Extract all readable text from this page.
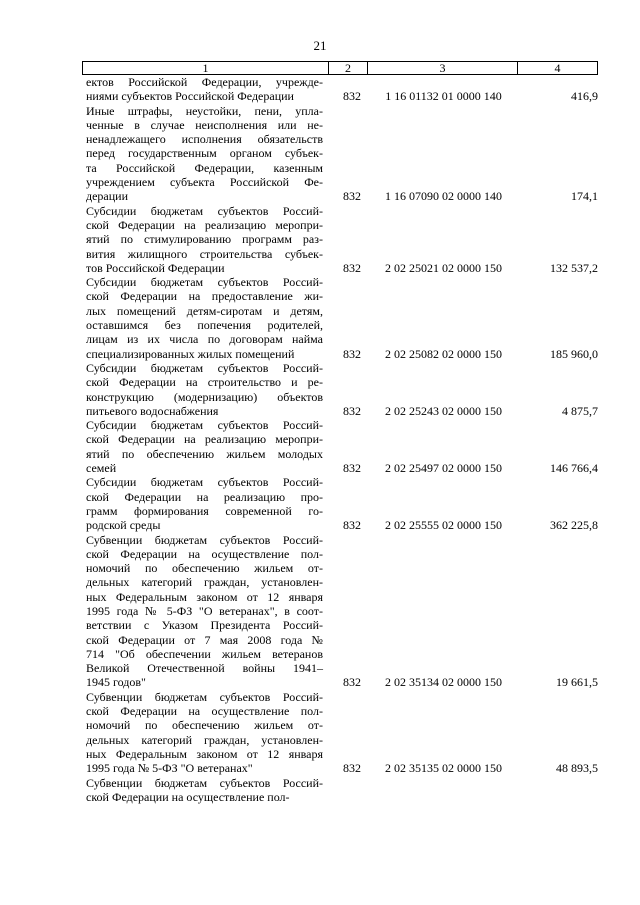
21
1	2	3	4
ектов Российской Федерации, учрежде-
ниями субъектов Российской Федерации	832	1 16 01132 01 0000 140	416,9
Иные штрафы, неустойки, пени, упла-
ченные в случае неисполнения или не-
ненадлежащего исполнения обязательств
перед государственным органом субъек-
та Российской Федерации, казенным
учреждением субъекта Российской Фе-
дерации	832	1 16 07090 02 0000 140	174,1
Субсидии бюджетам субъектов Россий-
ской Федерации на реализацию меропри-
ятий по стимулированию программ раз-
вития жилищного строительства субъек-
тов Российской Федерации	832	2 02 25021 02 0000 150	132 537,2
Субсидии бюджетам субъектов Россий-
ской Федерации на предоставление жи-
лых помещений детям-сиротам и детям,
оставшимся без попечения родителей,
лицам из их числа по договорам найма
специализированных жилых помещений	832	2 02 25082 02 0000 150	185 960,0
Субсидии бюджетам субъектов Россий-
ской Федерации на строительство и ре-
конструкцию (модернизацию) объектов
питьевого водоснабжения	832	2 02 25243 02 0000 150	4 875,7
Субсидии бюджетам субъектов Россий-
ской Федерации на реализацию меропри-
ятий по обеспечению жильем молодых
семей	832	2 02 25497 02 0000 150	146 766,4
Субсидии бюджетам субъектов Россий-
ской Федерации на реализацию про-
грамм формирования современной го-
родской среды	832	2 02 25555 02 0000 150	362 225,8
Субвенции бюджетам субъектов Россий-
ской Федерации на осуществление пол-
номочий по обеспечению жильем от-
дельных категорий граждан, установлен-
ных Федеральным законом от 12 января
1995 года № 5-ФЗ "О ветеранах", в соот-
ветствии с Указом Президента Россий-
ской Федерации от 7 мая 2008 года №
714 "Об обеспечении жильем ветеранов
Великой Отечественной войны 1941–
1945 годов"	832	2 02 35134 02 0000 150	19 661,5
Субвенции бюджетам субъектов Россий-
ской Федерации на осуществление пол-
номочий по обеспечению жильем от-
дельных категорий граждан, установлен-
ных Федеральным законом от 12 января
1995 года № 5-ФЗ "О ветеранах"	832	2 02 35135 02 0000 150	48 893,5
Субвенции бюджетам субъектов Россий-
ской Федерации на осуществление пол-
